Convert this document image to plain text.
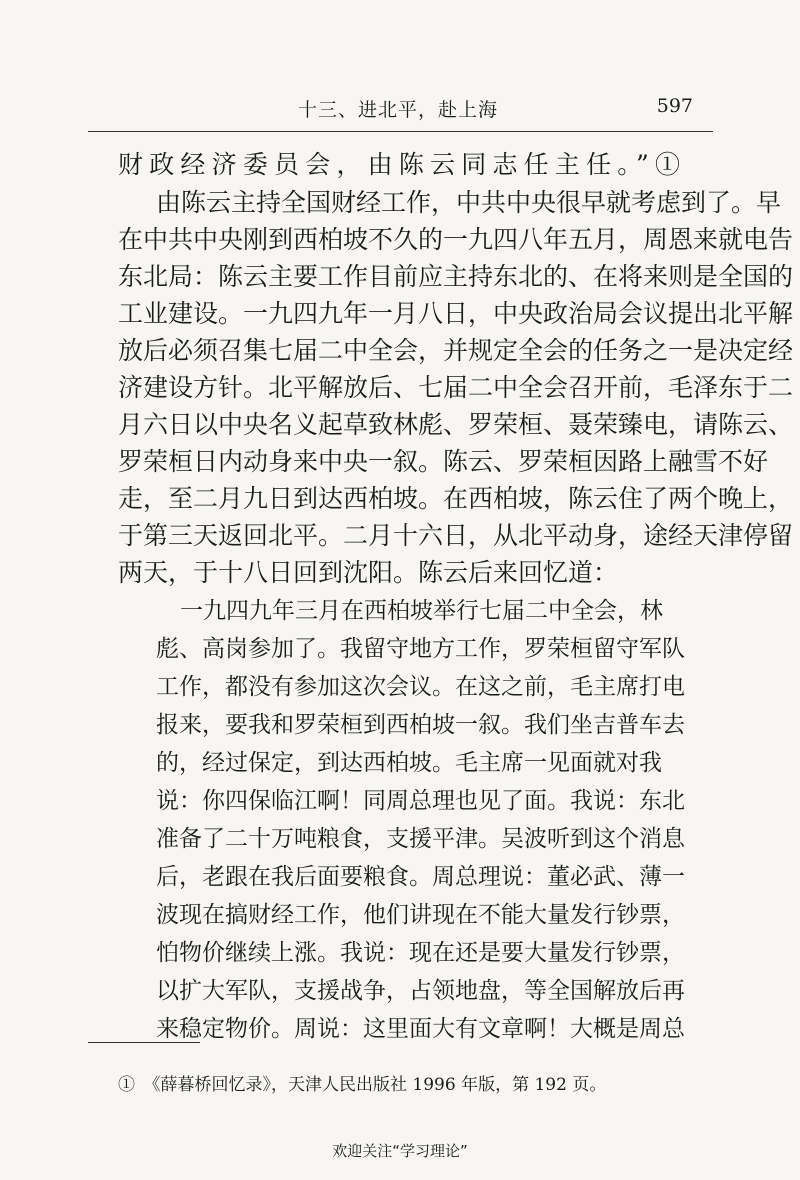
十三、进北平，赴上海	597
财政经济委员会，由陈云同志任主任。”①
由陈云主持全国财经工作，中共中央很早就考虑到了。早
在中共中央刚到西柏坡不久的一九四八年五月，周恩来就电告
东北局：陈云主要工作目前应主持东北的、在将来则是全国的
工业建设。一九四九年一月八日，中央政治局会议提出北平解
放后必须召集七届二中全会，并规定全会的任务之一是决定经
济建设方针。北平解放后、七届二中全会召开前，毛泽东于二
月六日以中央名义起草致林彪、罗荣桓、聂荣臻电，请陈云、
罗荣桓日内动身来中央一叙。陈云、罗荣桓因路上融雪不好
走，至二月九日到达西柏坡。在西柏坡，陈云住了两个晚上，
于第三天返回北平。二月十六日，从北平动身，途经天津停留
两天，于十八日回到沈阳。陈云后来回忆道：
一九四九年三月在西柏坡举行七届二中全会，林
彪、高岗参加了。我留守地方工作，罗荣桓留守军队
工作，都没有参加这次会议。在这之前，毛主席打电
报来，要我和罗荣桓到西柏坡一叙。我们坐吉普车去
的，经过保定，到达西柏坡。毛主席一见面就对我
说：你四保临江啊！同周总理也见了面。我说：东北
准备了二十万吨粮食，支援平津。吴波听到这个消息
后，老跟在我后面要粮食。周总理说：董必武、薄一
波现在搞财经工作，他们讲现在不能大量发行钞票，
怕物价继续上涨。我说：现在还是要大量发行钞票，
以扩大军队，支援战争，占领地盘，等全国解放后再
来稳定物价。周说：这里面大有文章啊！大概是周总
①　《薛暮桥回忆录》，天津人民出版社 1996 年版，第 192 页。
欢迎关注“学习理论”
